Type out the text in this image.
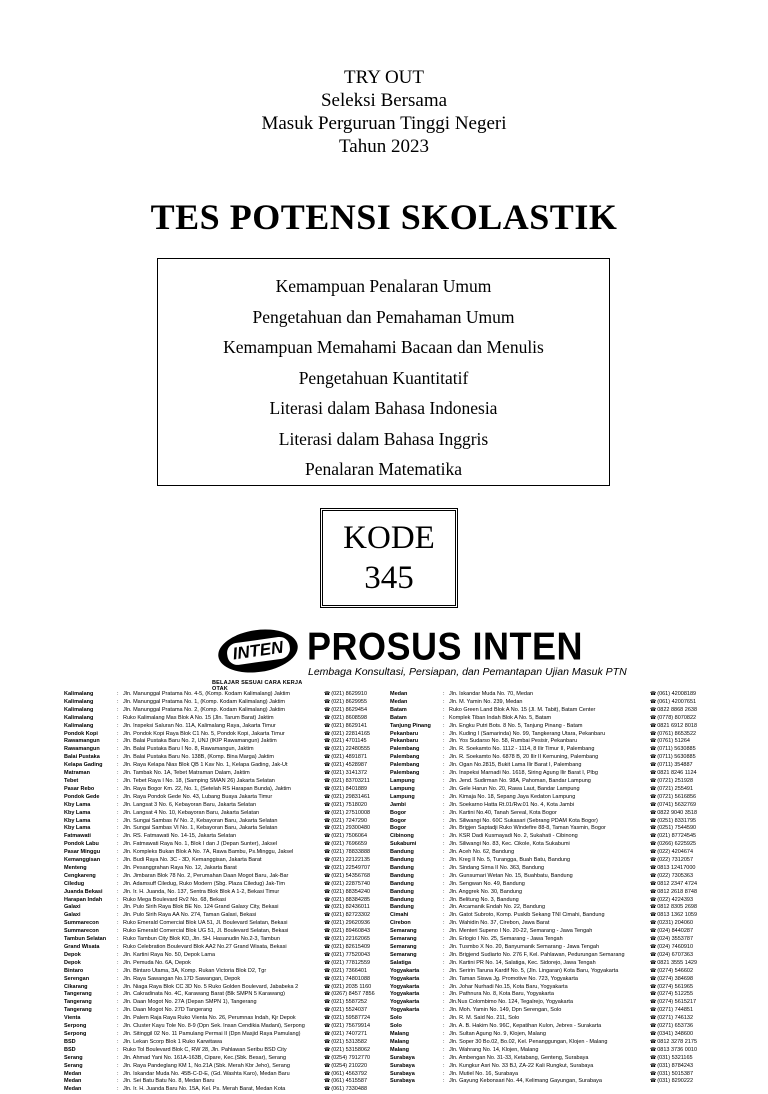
TRY OUT
Seleksi Bersama
Masuk Perguruan Tinggi Negeri
Tahun 2023
TES POTENSI SKOLASTIK
Kemampuan Penalaran Umum
Pengetahuan dan Pemahaman Umum
Kemampuan Memahami Bacaan dan Menulis
Pengetahuan Kuantitatif
Literasi dalam Bahasa Indonesia
Literasi dalam Bahasa Inggris
Penalaran Matematika
KODE
345
INTEN
BELAJAR SESUAI CARA KERJA OTAK
PROSUS INTEN
Lembaga Konsultasi, Persiapan, dan Pemantapan Ujian Masuk PTN
Kalimalang	: Jln. Manunggal Pratama No. 4-5, (Komp. Kodam Kalimalang) Jaktim	☎ (021) 8629910
Kalimalang	: Jln. Manunggal Pratama No. 1, (Komp. Kodam Kalimalang) Jaktim	☎ (021) 8629955
Kalimalang	: Jln. Manunggal Pratama No. 2, (Komp. Kodam Kalimalang) Jaktim	☎ (021) 8629454
Kalimalang	: Ruko Kalimalang Mas Blok A No. 15 (Jln. Tarum Barat) Jaktim	☎ (021) 8608598
Kalimalang	: Jln. Inspeksi Saluran No. 11A, Kalimalang Raya, Jakarta Timur	☎ (021) 8629141
Pondok Kopi	: Jln. Pondok Kopi Raya Blok C1 No. 5, Pondok Kopi, Jakarta Timur	☎ (021) 22814165
Rawamangun	: Jln. Balai Pustaka Baru No. 2, UNJ (IKIP Rawamangun) Jaktim	☎ (021) 4701145
Rawamangun	: Jln. Balai Pustaka Baru I No. 8, Rawamangun, Jaktim	☎ (021) 22480555
Balai Pustaka	: Jln. Balai Pustaka Baru No. 138B, (Komp. Bina Marga) Jaktim	☎ (021) 4891871
Kelapa Gading	: Jln. Raya Kelapa Nias Blok QB 1 Kav No. 1, Kelapa Gading, Jak-Ut	☎ (021) 4528987
Matraman	: Jln. Tambak No. 1A, Tebet Matraman Dalam, Jaktim	☎ (021) 3141372
Tebet	: Jln. Tebet Raya I No. 18, (Samping SMAN 26) Jakarta Selatan	☎ (021) 83703211
Pasar Rebo	: Jln. Raya Bogor Km. 22, No. 1, (Setelah RS Harapan Bunda), Jaktim	☎ (021) 8401889
Pondok Gede	: Jln. Raya Pondok Gede No. 43, Lubang Buaya Jakarta Timur	☎ (021) 29831461
Kby Lama	: Jln. Langsat 3 No. 6, Kebayoran Baru, Jakarta Selatan	☎ (021) 7518020
Kby Lama	: Jln. Langsat 4 No. 10, Kebayoran Baru, Jakarta Selatan	☎ (021) 27510008
Kby Lama	: Jln. Sungai Sambas IV No. 2, Kebayoran Baru, Jakarta Selatan	☎ (021) 7247290
Kby Lama	: Jln. Sungai Sambas VI No. 1, Kebayoran Baru, Jakarta Selatan	☎ (021) 29300480
Fatmawati	: Jln. RS. Fatmawati No. 14-15, Jakarta Selatan	☎ (021) 7506064
Pondok Labu	: Jln. Fatmawati Raya No. 1, Blok I dan J (Depan Sunter), Jaksel	☎ (021) 7696659
Pasar Minggu	: Jln. Kompleks Bukan Blok A No. 7A, Rawa Bambu, Ps.Minggu, Jaksel	☎ (021) 78833888
Kemanggisan	: Jln. Budi Raya No. 3C - 3D, Kemanggisan, Jakarta Barat	☎ (021) 22122135
Menteng	: Jln. Pesanggrahan Raya No. 12, Jakarta Barat	☎ (021) 22549707
Cengkareng	: Jln. Jimbaran Blok 78 No. 2, Perumahan Daan Mogot Baru, Jak-Bar	☎ (021) 54356768
Ciledug	: Jln. Adamsuff Ciledug, Ruko Modern (Sbg. Plaza Ciledug) Jak-Tim	☎ (021) 22875740
Juanda Bekasi	: Jln. Ir. H. Juanda, No. 137, Sentra Blok Blok A 1-2, Bekasi Timur	☎ (021) 88354240
Harapan Indah	: Ruko Mega Boulevard Rv2 No. 68, Bekasi	☎ (021) 88384285
Galaxi	: Jln. Pulo Sirih Raya Blok BE No. 124 Grand Galaxy City, Bekasi	☎ (021) 82436011
Galaxi	: Jln. Pulo Sirih Raya AA No. 274, Taman Galaxi, Bekasi	☎ (021) 82723302
Summarecon	: Ruko Emerald Comercial Blok UA 51, Jl. Boulevard Selatan, Bekasi	☎ (021) 29620936
Summarecon	: Ruko Emerald Comercial Blok UG 51, Jl. Boulevard Selatan, Bekasi	☎ (021) 89460843
Tambun Selatan	: Ruko Tambun City Blok KD, Jln. SH. Hasanudin No.2-3, Tambun	☎ (021) 22162065
Grand Wisata	: Ruko Celebration Boulevard Blok AA2 No.27 Grand Wisata, Bekasi	☎ (021) 82615409
Depok	: Jln. Kartini Raya No. 50, Depok Lama	☎ (021) 77520043
Depok	: Jln. Pemuda No. 6A, Depok	☎ (021) 77812559
Bintaro	: Jln. Bintaro Utama, 3A, Komp. Rukan Victoria Blok D2, Tgr	☎ (021) 7366401
Serengan	: Jln. Raya Sawangan No.17D Sawangan, Depok	☎ (021) 74801088
Cikarang	: Jln. Niaga Raya Blok CC 3D No. 5 Ruko Golden Boulevard, Jababeka 2	☎ (021) 2035 1160
Tangerang	: Jln. Cakradinata No. 4C, Karawang Barat (Blk SMPN 5 Karawang)	☎ (0267) 8457 7856
Tangerang	: Jln. Daan Mogot No. 27A (Depan SMPN 1), Tangerang	☎ (021) 5587252
Tangerang	: Jln. Daan Mogot No. 27D Tangerang	☎ (021) 5524037
Vienta	: Jln. Palem Raja Raya Ruko Vienta No. 26, Perumnas Indah, Kjr Depok	☎ (021) 59587724
Serpong	: Jln. Cluster Kayu Tole No. 8-9 (Dpn Sek. Insan Cendikia Madani), Serpong	☎ (021) 75679914
Serpong	: Jln. Sitinggil 02 No. 11 Pamulang Permai II (Dpn Masjid Raya Pamulang)	☎ (021) 7407271
BSD	: Jln. Lekan Scorp Blok 1 Ruko Karwitawa	☎ (021) 5313582
BSD	: Ruko Tol Boulevard Blok C, RW 28, Jln. Pahlawan Seribu BSD City	☎ (021) 53158062
Serang	: Jln. Ahmad Yani No. 161A-163B, Cipare, Kec.(Sbk. Besar), Serang	☎ (0254) 7912770
Serang	: Jln. Raya Pandeglang KM 1, No.21A (Sbk. Merah Kbr Jeho), Serang	☎ (0254) 210220
Medan	: Jln. Iskandar Muda No. 45B-C-D-E, (Gd. Washta Karo), Medan Baru	☎ (061) 4563792
Medan	: Jln. Sei Batu Batu No. 8, Medan Baru	☎ (061) 4515587
Medan	: Jln. Ir. H. Juanda Baru No. 15A, Kel. Ps. Merah Barat, Medan Kota	☎ (061) 7330488
Medan	: Jln. Iskandar Muda No. 70, Medan	☎ (061) 42008189
Medan	: Jln. M. Yamin No. 239, Medan	☎ (061) 42007651
Batam	: Ruko Green Land Blok A No. 15 (Jl. M. Tabit), Batam Center	☎ 0822 8868 2638
Batam	: Komplek Tiban Indah Blok A No. 5, Batam	☎ (0778) 8070822
Tanjung Pinang	: Jln. Engku Putri Bots. 8 No. 5, Tanjung Pinang - Batam	☎ 0821 6912 8018
Pekanbaru	: Jln. Kuding I (Samarinda) No. 99, Tangkerang Utara, Pekanbaru	☎ (0761) 8653522
Pekanbaru	: Jln. Yos Sudarso No. 58, Rumbai Pesisir, Pekanbaru	☎ (0761) 51264
Palembang	: Jln. R. Soekamto No. 1112 - 1114, 8 Ilir Timur II, Palembang	☎ (0711) 5630885
Palembang	: Jln. R. Soekamto No. 6878 B, 20 Ilir II Kemuning, Palembang	☎ (0711) 5630885
Palembang	: Jln. Ogan No.2815, Bukit Lama Ilir Barat I, Palembang	☎ (0711) 354887
Palembang	: Jln. Inspeksi Marnadi No. 1618, Siring Agung Ilir Barat I, Plbg	☎ 0821 8246 1124
Lampung	: Jln. Jend. Sudirman No. 98A, Pahoman, Bandar Lampung	☎ (0721) 251928
Lampung	: Jln. Gele Harun No. 20, Rawa Laut, Bandar Lampung	☎ (0721) 255491
Lampung	: Jln. Kimaja No. 18, Sepang Jaya Kedaton Lampung	☎ (0721) 5616856
Jambi	: Jln. Soekarno Hatta Rt.01/Rw.01 No. 4, Kota Jambi	☎ (0741) 5632769
Bogor	: Jln. Kartini No.40, Tanah Sereal, Kota Bogor	☎ 0822 9040 3518
Bogor	: Jln. Siliwangi No. 60C Sukasari (Sebrang PDAM Kota Bogor)	☎ (0251) 8331795
Bogor	: Jln. Brigjen Saptadji Ruko Windefire 88-8, Taman Yasmin, Bogor	☎ (0251) 7544590
Cibinong	: Jln. KSR Dadi Kusmayadi No. 2, Sukahati - Cibinong	☎ (021) 87724545
Sukabumi	: Jln. Siliwangi No. 83, Kec. Cikole, Kota Sukabumi	☎ (0266) 6225925
Bandung	: Jln. Aceh No. 62, Bandung	☎ (022) 4204674
Bandung	: Jln. Kreg II No. 5, Turangga, Buah Batu, Bandung	☎ (022) 7312057
Bandung	: Jln. Sindang Sirna II No. 363, Bandung	☎ 0813 12417000
Bandung	: Jln. Gunsumari Wetan No. 15, Buahbatu, Bandung	☎ (022) 7305363
Bandung	: Jln. Sengwan No. 49, Bandung	☎ 0812 2347 4724
Bandung	: Jln. Anggrek No. 30, Bandung	☎ 0812 2618 8748
Bandung	: Jln. Belitung No. 3, Bandung	☎ (022) 4224393
Bandung	: Jln. Arcamanik Endah No. 22, Bandung	☎ 0812 8305 2698
Cimahi	: Jln. Gatot Subroto, Komp. Puskib Sekang TNI Cimahi, Bandung	☎ 0813 1362 1059
Cirebon	: Jln. Wahidin No. 37, Cirebon, Jawa Barat	☎ (0231) 204060
Semarang	: Jln. Menteri Supeno I No. 20-22, Semarang - Jawa Tengah	☎ (024) 8440287
Semarang	: Jln. Erlogio I No. 25, Semarang - Jawa Tengah	☎ (024) 3553787
Semarang	: Jln. Tusmbo X No. 20, Banyumanik Semarang - Jawa Tengah	☎ (024) 7460910
Semarang	: Jln. Brigjend Sudiarto No. 276 F, Kel. Pahlawan, Pedurungan Semarang	☎ (024) 6707363
Salatiga	: Jln. Kartini PR No. 14, Salatiga, Kec. Sidorejo, Jawa Tengah	☎ 0821 3555 1429
Yogyakarta	: Jln. Seririn Taruna Kardif No. 5, (Jln. Lingaran) Kota Baru, Yogyakarta	☎ (0274) 546602
Yogyakarta	: Jln. Taman Siswa Jg. Promotive No. 723, Yogyakarta	☎ (0274) 384698
Yogyakarta	: Jln. Johar Nurhadi No.15, Kota Baru, Yogyakarta	☎ (0274) 561965
Yogyakarta	: Jln. Pathnura No. 8, Kota Baru, Yogyakarta	☎ (0274) 512255
Yogyakarta	: Jln.Nus Colombimo No. 124, Tegalrejo, Yogyakarta	☎ (0274) 5615217
Yogyakarta	: Jln. Moh. Yamin No. 149, Dpn Serengan, Solo	☎ (0271) 744851
Solo	: Jln. R. M. Said No. 211, Solo	☎ (0271) 746132
Solo	: Jln. A. B. Hakim No. 96C, Kepatihan Kulon, Jebres - Surakarta	☎ (0271) 653736
Malang	: Jln. Sultan Agung No. 9, Klojen, Malang	☎ (0341) 348600
Malang	: Jln. Soper 30 Bo.02, Bo.02, Kel. Penanggungan, Klojen - Malang	☎ 0812 3278 2175
Malang	: Jln. Wahrang No. 14, Klojen, Malang	☎ 0813 3736 0010
Surabaya	: Jln. Ambengan No. 31-33, Ketabang, Genteng, Surabaya	☎ (031) 5321165
Surabaya	: Jln. Kungkur Asri No. 33 BJ, ZA-22 Kali Rungkut, Surabaya	☎ (031) 8784243
Surabaya	: Jln. Mutiel No. 16, Surabaya	☎ (031) 5015387
Surabaya	: Jln. Gayung Kebonsari No. 44, Kelimang Gayungan, Surabaya	☎ (031) 8290222
